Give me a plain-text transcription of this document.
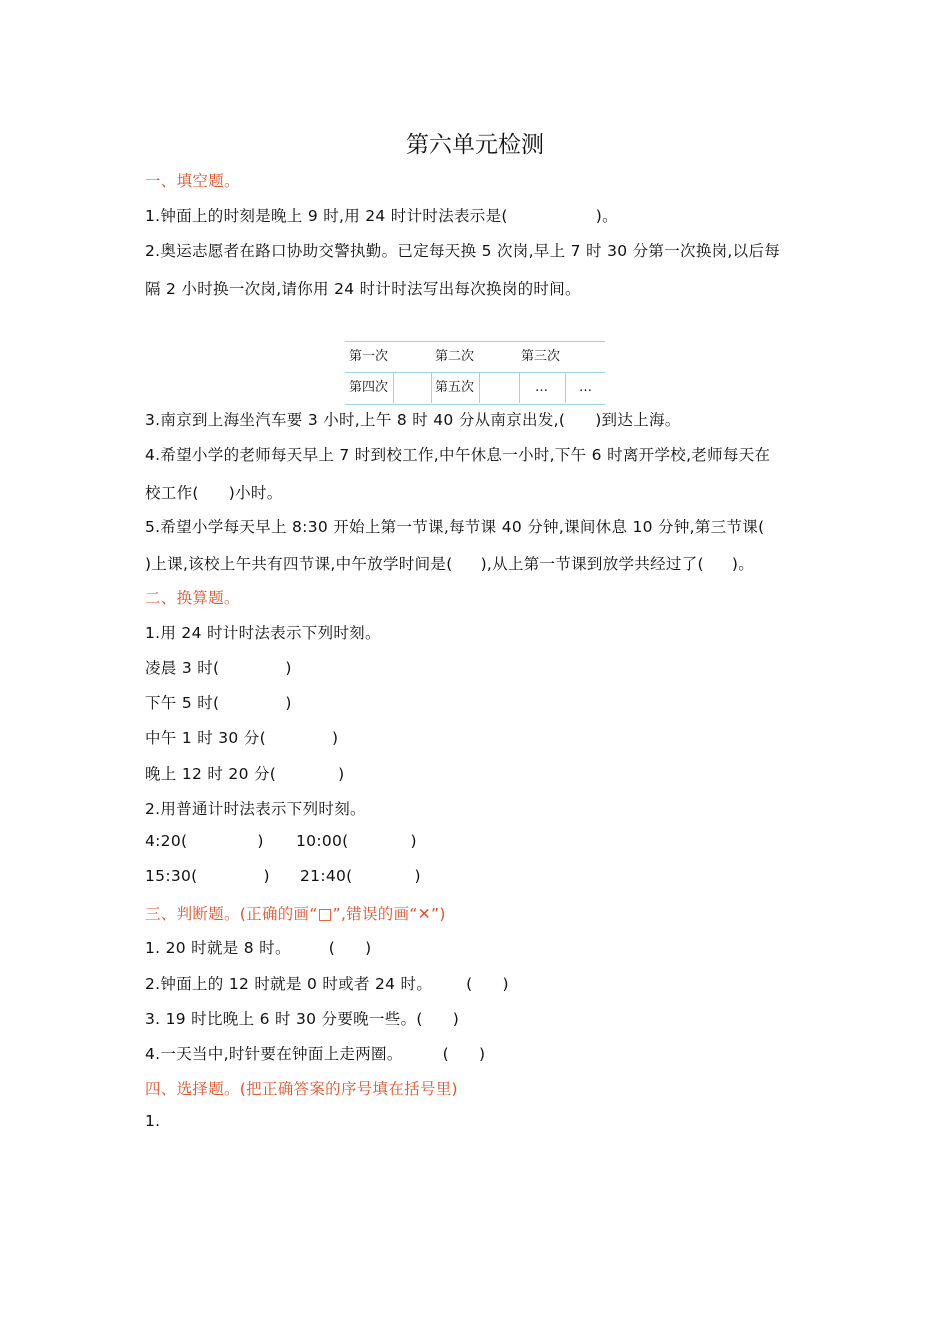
第六单元检测
一、填空题。
1.钟面上的时刻是晚上 9 时,用 24 时计时法表示是(	)。
2.奥运志愿者在路口协助交警执勤。已定每天换 5 次岗,早上 7 时 30 分第一次换岗,以后每
隔 2 小时换一次岗,请你用 24 时计时法写出每次换岗的时间。
第一次	第二次	第三次
第四次	第五次	… …
3.南京到上海坐汽车要 3 小时,上午 8 时 40 分从南京出发,( )到达上海。
4.希望小学的老师每天早上 7 时到校工作,中午休息一小时,下午 6 时离开学校,老师每天在
校工作( )小时。
5.希望小学每天早上 8:30 开始上第一节课,每节课 40 分钟,课间休息 10 分钟,第三节课(
)上课,该校上午共有四节课,中午放学时间是( ),从上第一节课到放学共经过了( )。
二、换算题。
1.用 24 时计时法表示下列时刻。
凌晨 3 时(	)
下午 5 时(	)
中午 1 时 30 分(	)
晚上 12 时 20 分(	)
2.用普通计时法表示下列时刻。
4:20(	) 10:00(	)
15:30(	) 21:40(	)
三、判断题。(正确的画“□”,错误的画“✕”)
1. 20 时就是 8 时。 ( )
2.钟面上的 12 时就是 0 时或者 24 时。 ( )
3. 19 时比晚上 6 时 30 分要晚一些。( )
4.一天当中,时针要在钟面上走两圈。	( )
四、选择题。(把正确答案的序号填在括号里)
1.
